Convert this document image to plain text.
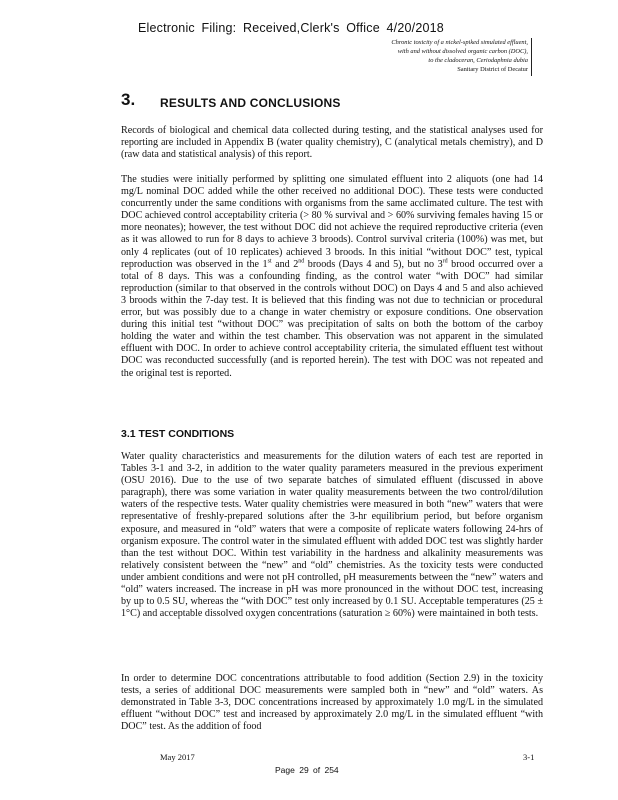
Electronic Filing: Received,Clerk's Office 4/20/2018
Chronic toxicity of a nickel-spiked simulated effluent,
with and without dissolved organic carbon (DOC),
to the cladoceran, Ceriodaphnia dubia
Sanitary District of Decatur
3. RESULTS AND CONCLUSIONS
Records of biological and chemical data collected during testing, and the statistical analyses used for reporting are included in Appendix B (water quality chemistry), C (analytical metals chemistry), and D (raw data and statistical analysis) of this report.
The studies were initially performed by splitting one simulated effluent into 2 aliquots (one had 14 mg/L nominal DOC added while the other received no additional DOC). These tests were conducted concurrently under the same conditions with organisms from the same acclimated culture. The test with DOC achieved control acceptability criteria (> 80 % survival and > 60% surviving females having 15 or more neonates); however, the test without DOC did not achieve the required reproductive criteria (even as it was allowed to run for 8 days to achieve 3 broods). Control survival criteria (100%) was met, but only 4 replicates (out of 10 replicates) achieved 3 broods. In this initial “without DOC” test, typical reproduction was observed in the 1st and 2nd broods (Days 4 and 5), but no 3rd brood occurred over a total of 8 days. This was a confounding finding, as the control water “with DOC” had similar reproduction (similar to that observed in the controls without DOC) on Days 4 and 5 and also achieved 3 broods within the 7-day test. It is believed that this finding was not due to technician or procedural error, but was possibly due to a change in water chemistry or exposure conditions. One observation during this initial test “without DOC” was precipitation of salts on both the bottom of the carboy holding the water and within the test chamber. This observation was not apparent in the simulated effluent with DOC. In order to achieve control acceptability criteria, the simulated effluent test without DOC was reconducted successfully (and is reported herein). The test with DOC was not repeated and the original test is reported.
3.1 TEST CONDITIONS
Water quality characteristics and measurements for the dilution waters of each test are reported in Tables 3-1 and 3-2, in addition to the water quality parameters measured in the previous experiment (OSU 2016). Due to the use of two separate batches of simulated effluent (discussed in above paragraph), there was some variation in water quality measurements between the two control/dilution waters of the respective tests. Water quality chemistries were measured in both “new” waters that were representative of freshly-prepared solutions after the 3-hr equilibrium period, but before organism exposure, and measured in “old” waters that were a composite of replicate waters following 24-hrs of organism exposure. The control water in the simulated effluent with added DOC test was slightly harder than the test without DOC. Within test variability in the hardness and alkalinity measurements was relatively consistent between the “new” and “old” chemistries. As the toxicity tests were conducted under ambient conditions and were not pH controlled, pH measurements between the “new” waters and “old” waters increased. The increase in pH was more pronounced in the without DOC test, increasing by up to 0.5 SU, whereas the “with DOC” test only increased by 0.1 SU. Acceptable temperatures (25 ± 1°C) and acceptable dissolved oxygen concentrations (saturation ≥ 60%) were maintained in both tests.
In order to determine DOC concentrations attributable to food addition (Section 2.9) in the toxicity tests, a series of additional DOC measurements were sampled both in “new” and “old” waters. As demonstrated in Table 3-3, DOC concentrations increased by approximately 1.0 mg/L in the simulated effluent “without DOC” test and increased by approximately 2.0 mg/L in the simulated effluent “with DOC” test. As the addition of food
May 2017	3-1
Page 29 of 254
